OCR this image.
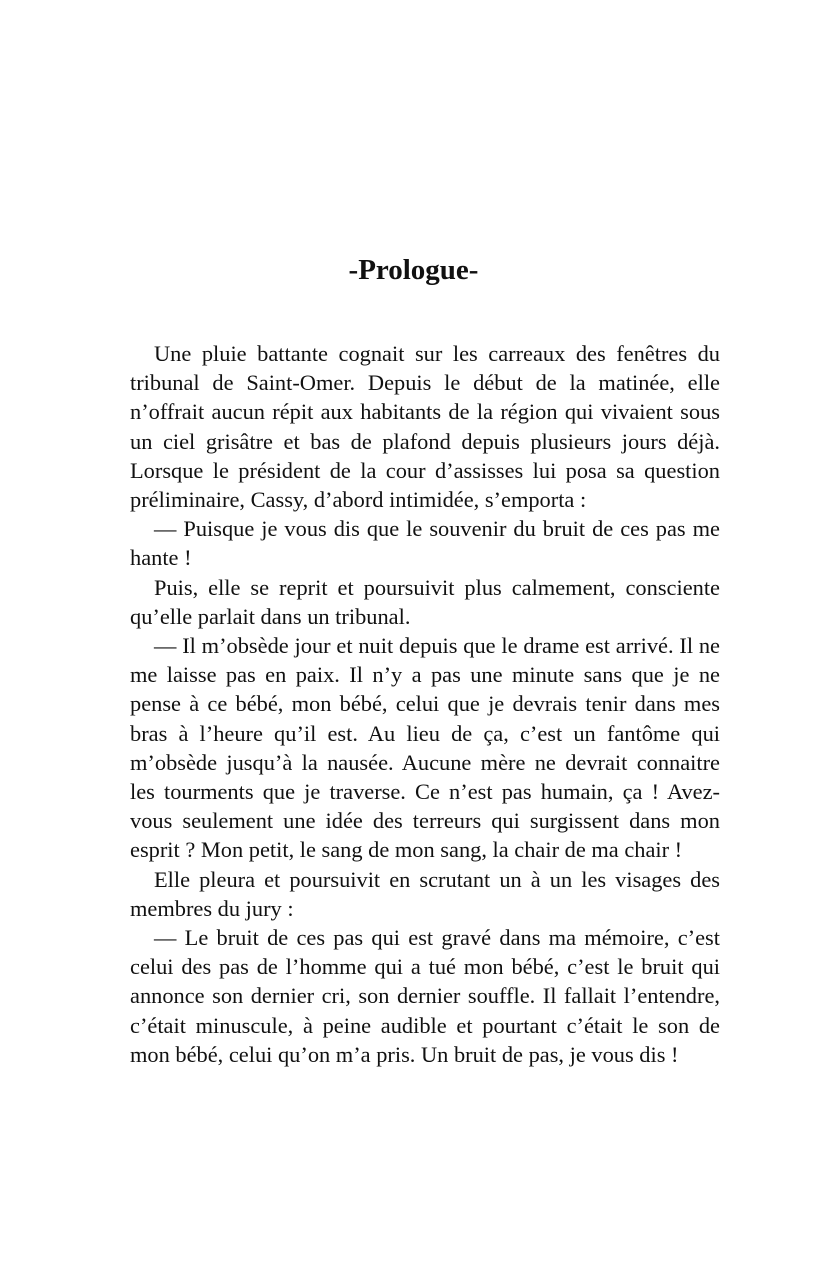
-Prologue-

Une pluie battante cognait sur les carreaux des fenêtres du tribunal de Saint-Omer. Depuis le début de la matinée, elle n’offrait aucun répit aux habitants de la région qui vivaient sous un ciel grisâtre et bas de plafond depuis plusieurs jours déjà. Lorsque le président de la cour d’assisses lui posa sa question préliminaire, Cassy, d’abord intimidée, s’emporta :

— Puisque je vous dis que le souvenir du bruit de ces pas me hante !

Puis, elle se reprit et poursuivit plus calmement, consciente qu’elle parlait dans un tribunal.

— Il m’obsède jour et nuit depuis que le drame est arrivé. Il ne me laisse pas en paix. Il n’y a pas une minute sans que je ne pense à ce bébé, mon bébé, celui que je devrais tenir dans mes bras à l’heure qu’il est. Au lieu de ça, c’est un fantôme qui m’obsède jusqu’à la nausée. Aucune mère ne devrait connaitre les tourments que je traverse. Ce n’est pas humain, ça ! Avez-vous seulement une idée des terreurs qui surgissent dans mon esprit ? Mon petit, le sang de mon sang, la chair de ma chair !

Elle pleura et poursuivit en scrutant un à un les visages des membres du jury :

— Le bruit de ces pas qui est gravé dans ma mémoire, c’est celui des pas de l’homme qui a tué mon bébé, c’est le bruit qui annonce son dernier cri, son dernier souffle. Il fallait l’entendre, c’était minuscule, à peine audible et pourtant c’était le son de mon bébé, celui qu’on m’a pris. Un bruit de pas, je vous dis !
